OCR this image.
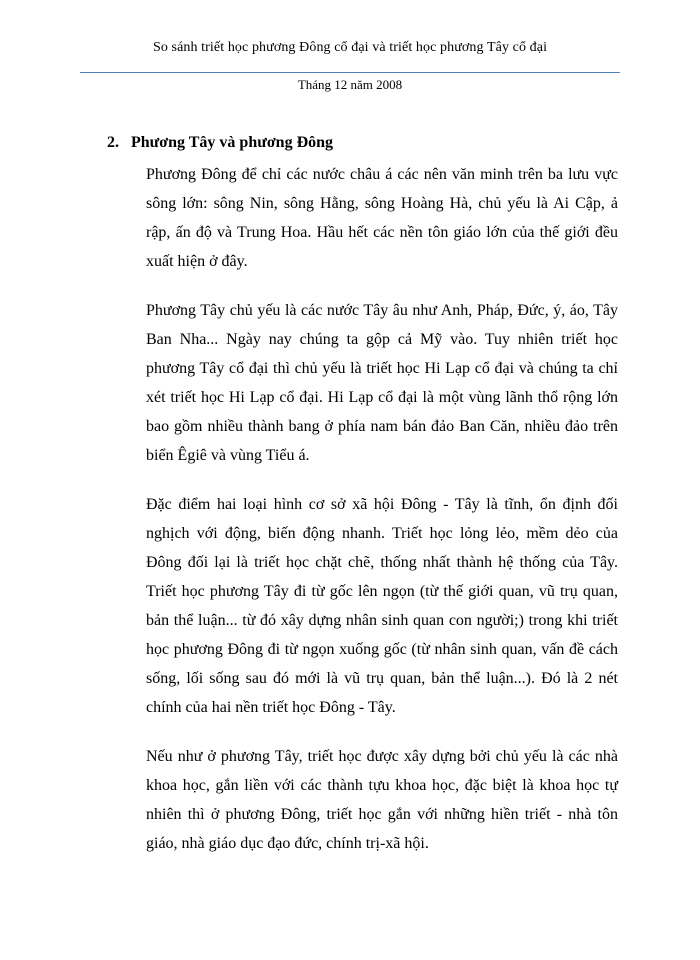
So sánh triết học phương Đông cổ đại và triết học phương Tây cổ đại
Tháng 12 năm 2008
2. Phương Tây và phương Đông

Phương Đông để chỉ các nước châu á các nên văn minh trên ba lưu vực sông lớn: sông Nin, sông Hằng, sông Hoàng Hà, chủ yếu là Ai Cập, ả rập, ấn độ và Trung Hoa. Hầu hết các nền tôn giáo lớn của thế giới đều xuất hiện ở đây.

Phương Tây chủ yếu là các nước Tây âu như Anh, Pháp, Đức, ý, áo, Tây Ban Nha... Ngày nay chúng ta gộp cả Mỹ vào. Tuy nhiên triết học phương Tây cổ đại thì chủ yếu là triết học Hi Lạp cổ đại và chúng ta chỉ xét triết học Hi Lạp cổ đại. Hi Lạp cổ đại là một vùng lãnh thổ rộng lớn bao gồm nhiều thành bang ở phía nam bán đảo Ban Căn, nhiều đảo trên biển Êgiê và vùng Tiểu á.

Đặc điểm hai loại hình cơ sở xã hội Đông - Tây là tĩnh, ổn định đối nghịch với động, biến động nhanh. Triết học lỏng lẻo, mềm dẻo của Đông đối lại là triết học chặt chẽ, thống nhất thành hệ thống của Tây. Triết học phương Tây đi từ gốc lên ngọn (từ thế giới quan, vũ trụ quan, bản thể luận... từ đó xây dựng nhân sinh quan con người;) trong khi triết học phương Đông đi từ ngọn xuống gốc (từ nhân sinh quan, vấn đề cách sống, lối sống sau đó mới là vũ trụ quan, bản thể luận...). Đó là 2 nét chính của hai nền triết học Đông - Tây.

Nếu như ở phương Tây, triết học được xây dựng bởi chủ yếu là các nhà khoa học, gắn liền với các thành tựu khoa học, đặc biệt là khoa học tự nhiên thì ở phương Đông, triết học gắn với những hiền triết - nhà tôn giáo, nhà giáo dục đạo đức, chính trị-xã hội.
